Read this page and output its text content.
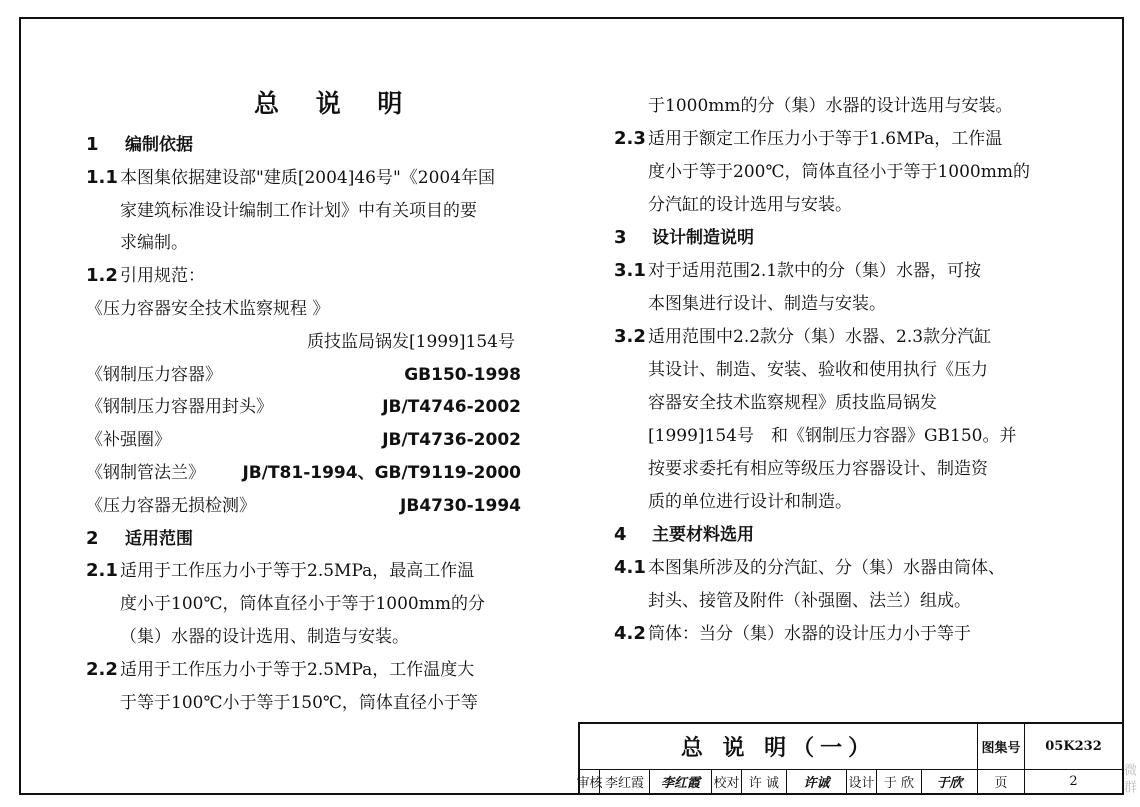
总 说 明
1 编制依据
1.1 本图集依据建设部"建质[2004]46号"《2004年国
家建筑标准设计编制工作计划》中有关项目的要
求编制。
1.2 引用规范：
《压力容器安全技术监察规程 》
质技监局锅发[1999]154号
《钢制压力容器》	GB150-1998
《钢制压力容器用封头》	JB/T4746-2002
《补强圈》	JB/T4736-2002
《钢制管法兰》 JB/T81-1994、GB/T9119-2000
《压力容器无损检测》	JB4730-1994
2 适用范围
2.1 适用于工作压力小于等于2.5MPa，最高工作温
度小于100℃，筒体直径小于等于1000mm的分
（集）水器的设计选用、制造与安装。
2.2 适用于工作压力小于等于2.5MPa，工作温度大
于等于100℃小于等于150℃，筒体直径小于等
于1000mm的分（集）水器的设计选用与安装。
2.3 适用于额定工作压力小于等于1.6MPa，工作温
度小于等于200℃，筒体直径小于等于1000mm的
分汽缸的设计选用与安装。
3 设计制造说明
3.1 对于适用范围2.1款中的分（集）水器，可按
本图集进行设计、制造与安装。
3.2 适用范围中2.2款分（集）水器、2.3款分汽缸
其设计、制造、安装、验收和使用执行《压力
容器安全技术监察规程》质技监局锅发
[1999]154号　和《钢制压力容器》GB150。并
按要求委托有相应等级压力容器设计、制造资
质的单位进行设计和制造。
4 主要材料选用
4.1 本图集所涉及的分汽缸、分（集）水器由筒体、
封头、接管及附件（补强圈、法兰）组成。
4.2 筒体：当分（集）水器的设计压力小于等于
总 说 明（一）	图集号	05K232
审核 李红霞	李红霞	校对 许 诚	许诚	设计 于 欣	于欣	页	2	微 群
